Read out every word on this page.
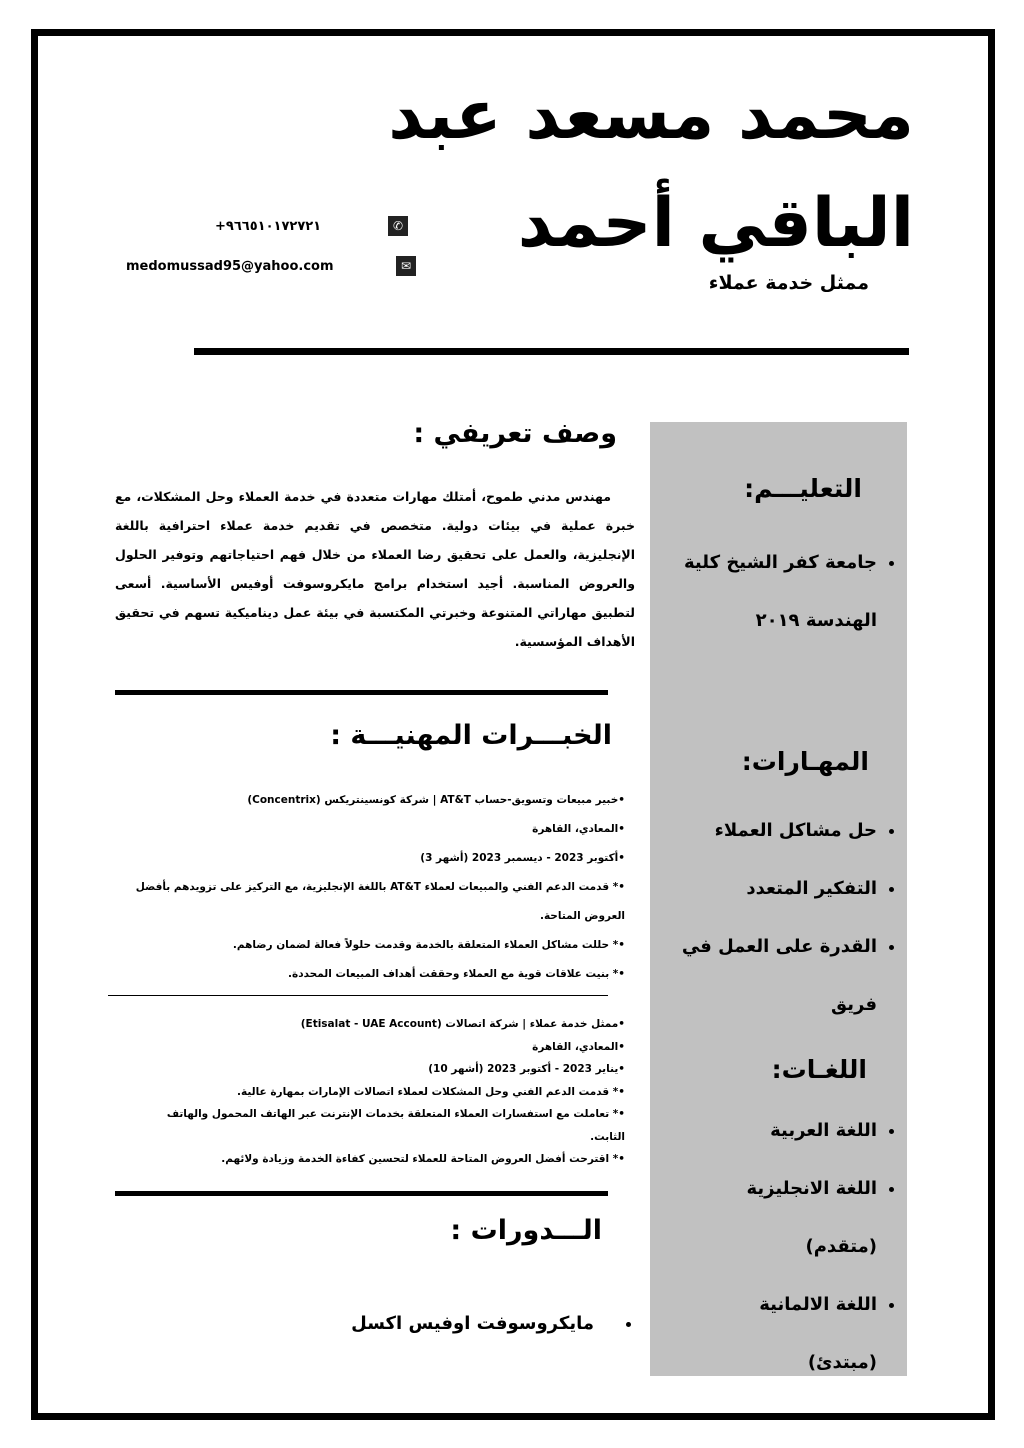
محمد مسعد عبد الباقي أحمد
ممثل خدمة عملاء
+٩٦٦٥١٠١٧٢٧٢١	✆
medomussad95@yahoo.com	✉
التعليـــم:
• جامعة كفر الشيخ كلية الهندسة ٢٠١٩
المهـارات:
• حل مشاكل العملاء
• التفكير المتعدد
• القدرة على العمل في فريق
اللغـات:
• اللغة العربية
• اللغة الانجليزية (متقدم)
• اللغة الالمانية (مبتدئ)
وصف تعريفي :
مهندس مدني طموح، أمتلك مهارات متعددة في خدمة العملاء وحل المشكلات، مع خبرة عملية في بيئات دولية. متخصص في تقديم خدمة عملاء احترافية باللغة الإنجليزية، والعمل على تحقيق رضا العملاء من خلال فهم احتياجاتهم وتوفير الحلول والعروض المناسبة. أجيد استخدام برامج مايكروسوفت أوفيس الأساسية. أسعى لتطبيق مهاراتي المتنوعة وخبرتي المكتسبة في بيئة عمل ديناميكية تسهم في تحقيق الأهداف المؤسسية.
الخبـــرات المهنيـــة :
•خبير مبيعات وتسويق-حساب AT&T | شركة كونسينتريكس (Concentrix)
•المعادي، القاهرة
•أكتوبر 2023 - ديسمبر 2023 (أشهر 3)
•* قدمت الدعم الفني والمبيعات لعملاء AT&T باللغة الإنجليزية، مع التركيز على تزويدهم بأفضل العروض المتاحة.
•* حللت مشاكل العملاء المتعلقة بالخدمة وقدمت حلولاً فعالة لضمان رضاهم.
•* بنيت علاقات قوية مع العملاء وحققت أهداف المبيعات المحددة.
•ممثل خدمة عملاء | شركة اتصالات (Etisalat - UAE Account)
•المعادي، القاهرة
•يناير 2023 - أكتوبر 2023 (أشهر 10)
•* قدمت الدعم الفني وحل المشكلات لعملاء اتصالات الإمارات بمهارة عالية.
•* تعاملت مع استفسارات العملاء المتعلقة بخدمات الإنترنت عبر الهاتف المحمول والهاتف الثابت.
•* اقترحت أفضل العروض المتاحة للعملاء لتحسين كفاءة الخدمة وزيادة ولائهم.
الـــدورات :
• مايكروسوفت اوفيس اكسل
